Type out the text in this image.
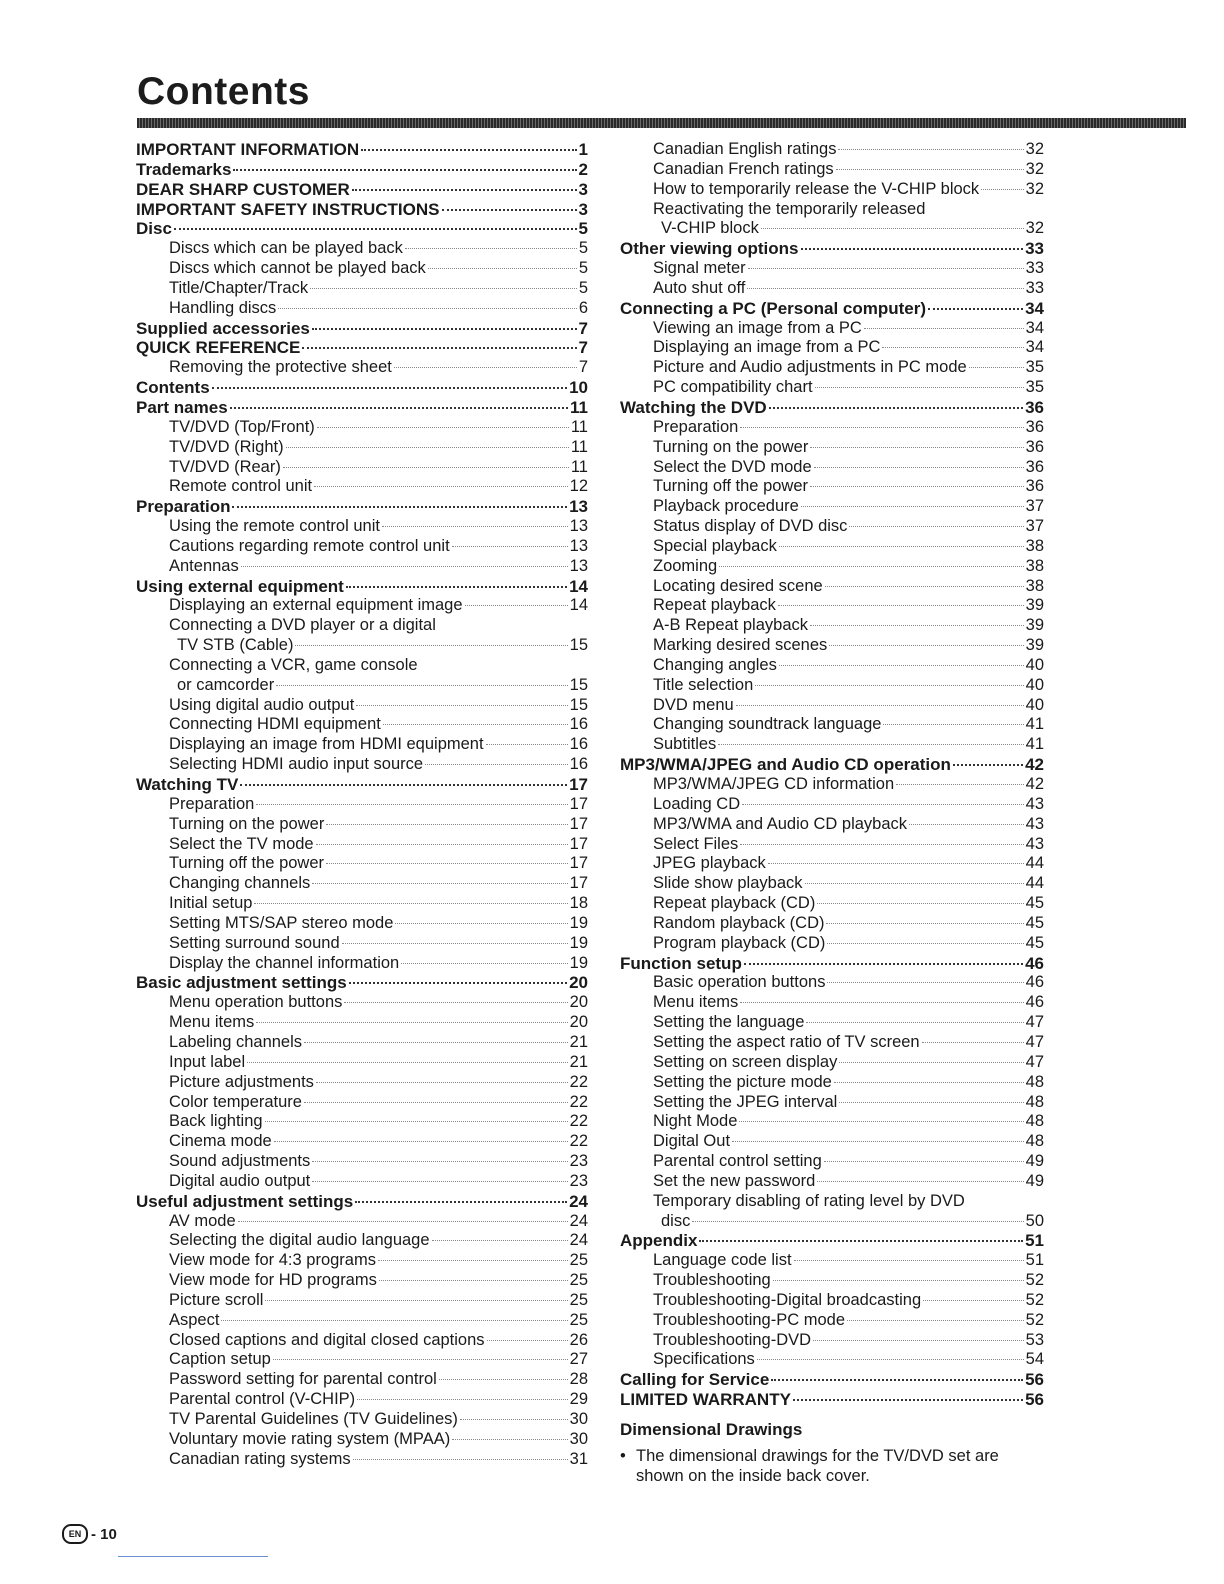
Contents
IMPORTANT INFORMATION	1
Trademarks	2
DEAR SHARP CUSTOMER	3
IMPORTANT SAFETY INSTRUCTIONS	3
Disc	5
Discs which can be played back	5
Discs which cannot be played back	5
Title/Chapter/Track	5
Handling discs	6
Supplied accessories	7
QUICK REFERENCE	7
Removing the protective sheet	7
Contents	10
Part names	11
TV/DVD (Top/Front)	11
TV/DVD (Right)	11
TV/DVD (Rear)	11
Remote control unit	12
Preparation	13
Using the remote control unit	13
Cautions regarding remote control unit	13
Antennas	13
Using external equipment	14
Displaying an external equipment image	14
Connecting a DVD player or a digital
TV STB (Cable)	15
Connecting a VCR, game console
or camcorder	15
Using digital audio output	15
Connecting HDMI equipment	16
Displaying an image from HDMI equipment	16
Selecting HDMI audio input source	16
Watching TV	17
Preparation	17
Turning on the power	17
Select the TV mode	17
Turning off the power	17
Changing channels	17
Initial setup	18
Setting MTS/SAP stereo mode	19
Setting surround sound	19
Display the channel information	19
Basic adjustment settings	20
Menu operation buttons	20
Menu items	20
Labeling channels	21
Input label	21
Picture adjustments	22
Color temperature	22
Back lighting	22
Cinema mode	22
Sound adjustments	23
Digital audio output	23
Useful adjustment settings	24
AV mode	24
Selecting the digital audio language	24
View mode for 4:3 programs	25
View mode for HD programs	25
Picture scroll	25
Aspect	25
Closed captions and digital closed captions	26
Caption setup	27
Password setting for parental control	28
Parental control (V-CHIP)	29
TV Parental Guidelines (TV Guidelines)	30
Voluntary movie rating system (MPAA)	30
Canadian rating systems	31
Canadian English ratings	32
Canadian French ratings	32
How to temporarily release the V-CHIP block	32
Reactivating the temporarily released
V-CHIP block	32
Other viewing options	33
Signal meter	33
Auto shut off	33
Connecting a PC (Personal computer)	34
Viewing an image from a PC	34
Displaying an image from a PC	34
Picture and Audio adjustments in PC mode	35
PC compatibility chart	35
Watching the DVD	36
Preparation	36
Turning on the power	36
Select the DVD mode	36
Turning off the power	36
Playback procedure	37
Status display of DVD disc	37
Special playback	38
Zooming	38
Locating desired scene	38
Repeat playback	39
A-B Repeat playback	39
Marking desired scenes	39
Changing angles	40
Title selection	40
DVD menu	40
Changing soundtrack language	41
Subtitles	41
MP3/WMA/JPEG and Audio CD operation	42
MP3/WMA/JPEG CD information	42
Loading CD	43
MP3/WMA and Audio CD playback	43
Select Files	43
JPEG playback	44
Slide show playback	44
Repeat playback (CD)	45
Random playback (CD)	45
Program playback (CD)	45
Function setup	46
Basic operation buttons	46
Menu items	46
Setting the language	47
Setting the aspect ratio of TV screen	47
Setting on screen display	47
Setting the picture mode	48
Setting the JPEG interval	48
Night Mode	48
Digital Out	48
Parental control setting	49
Set the new password	49
Temporary disabling of rating level by DVD
disc	50
Appendix	51
Language code list	51
Troubleshooting	52
Troubleshooting-Digital broadcasting	52
Troubleshooting-PC mode	52
Troubleshooting-DVD	53
Specifications	54
Calling for Service	56
LIMITED WARRANTY	56
Dimensional Drawings
• The dimensional drawings for the TV/DVD set are shown on the inside back cover.
EN - 10
